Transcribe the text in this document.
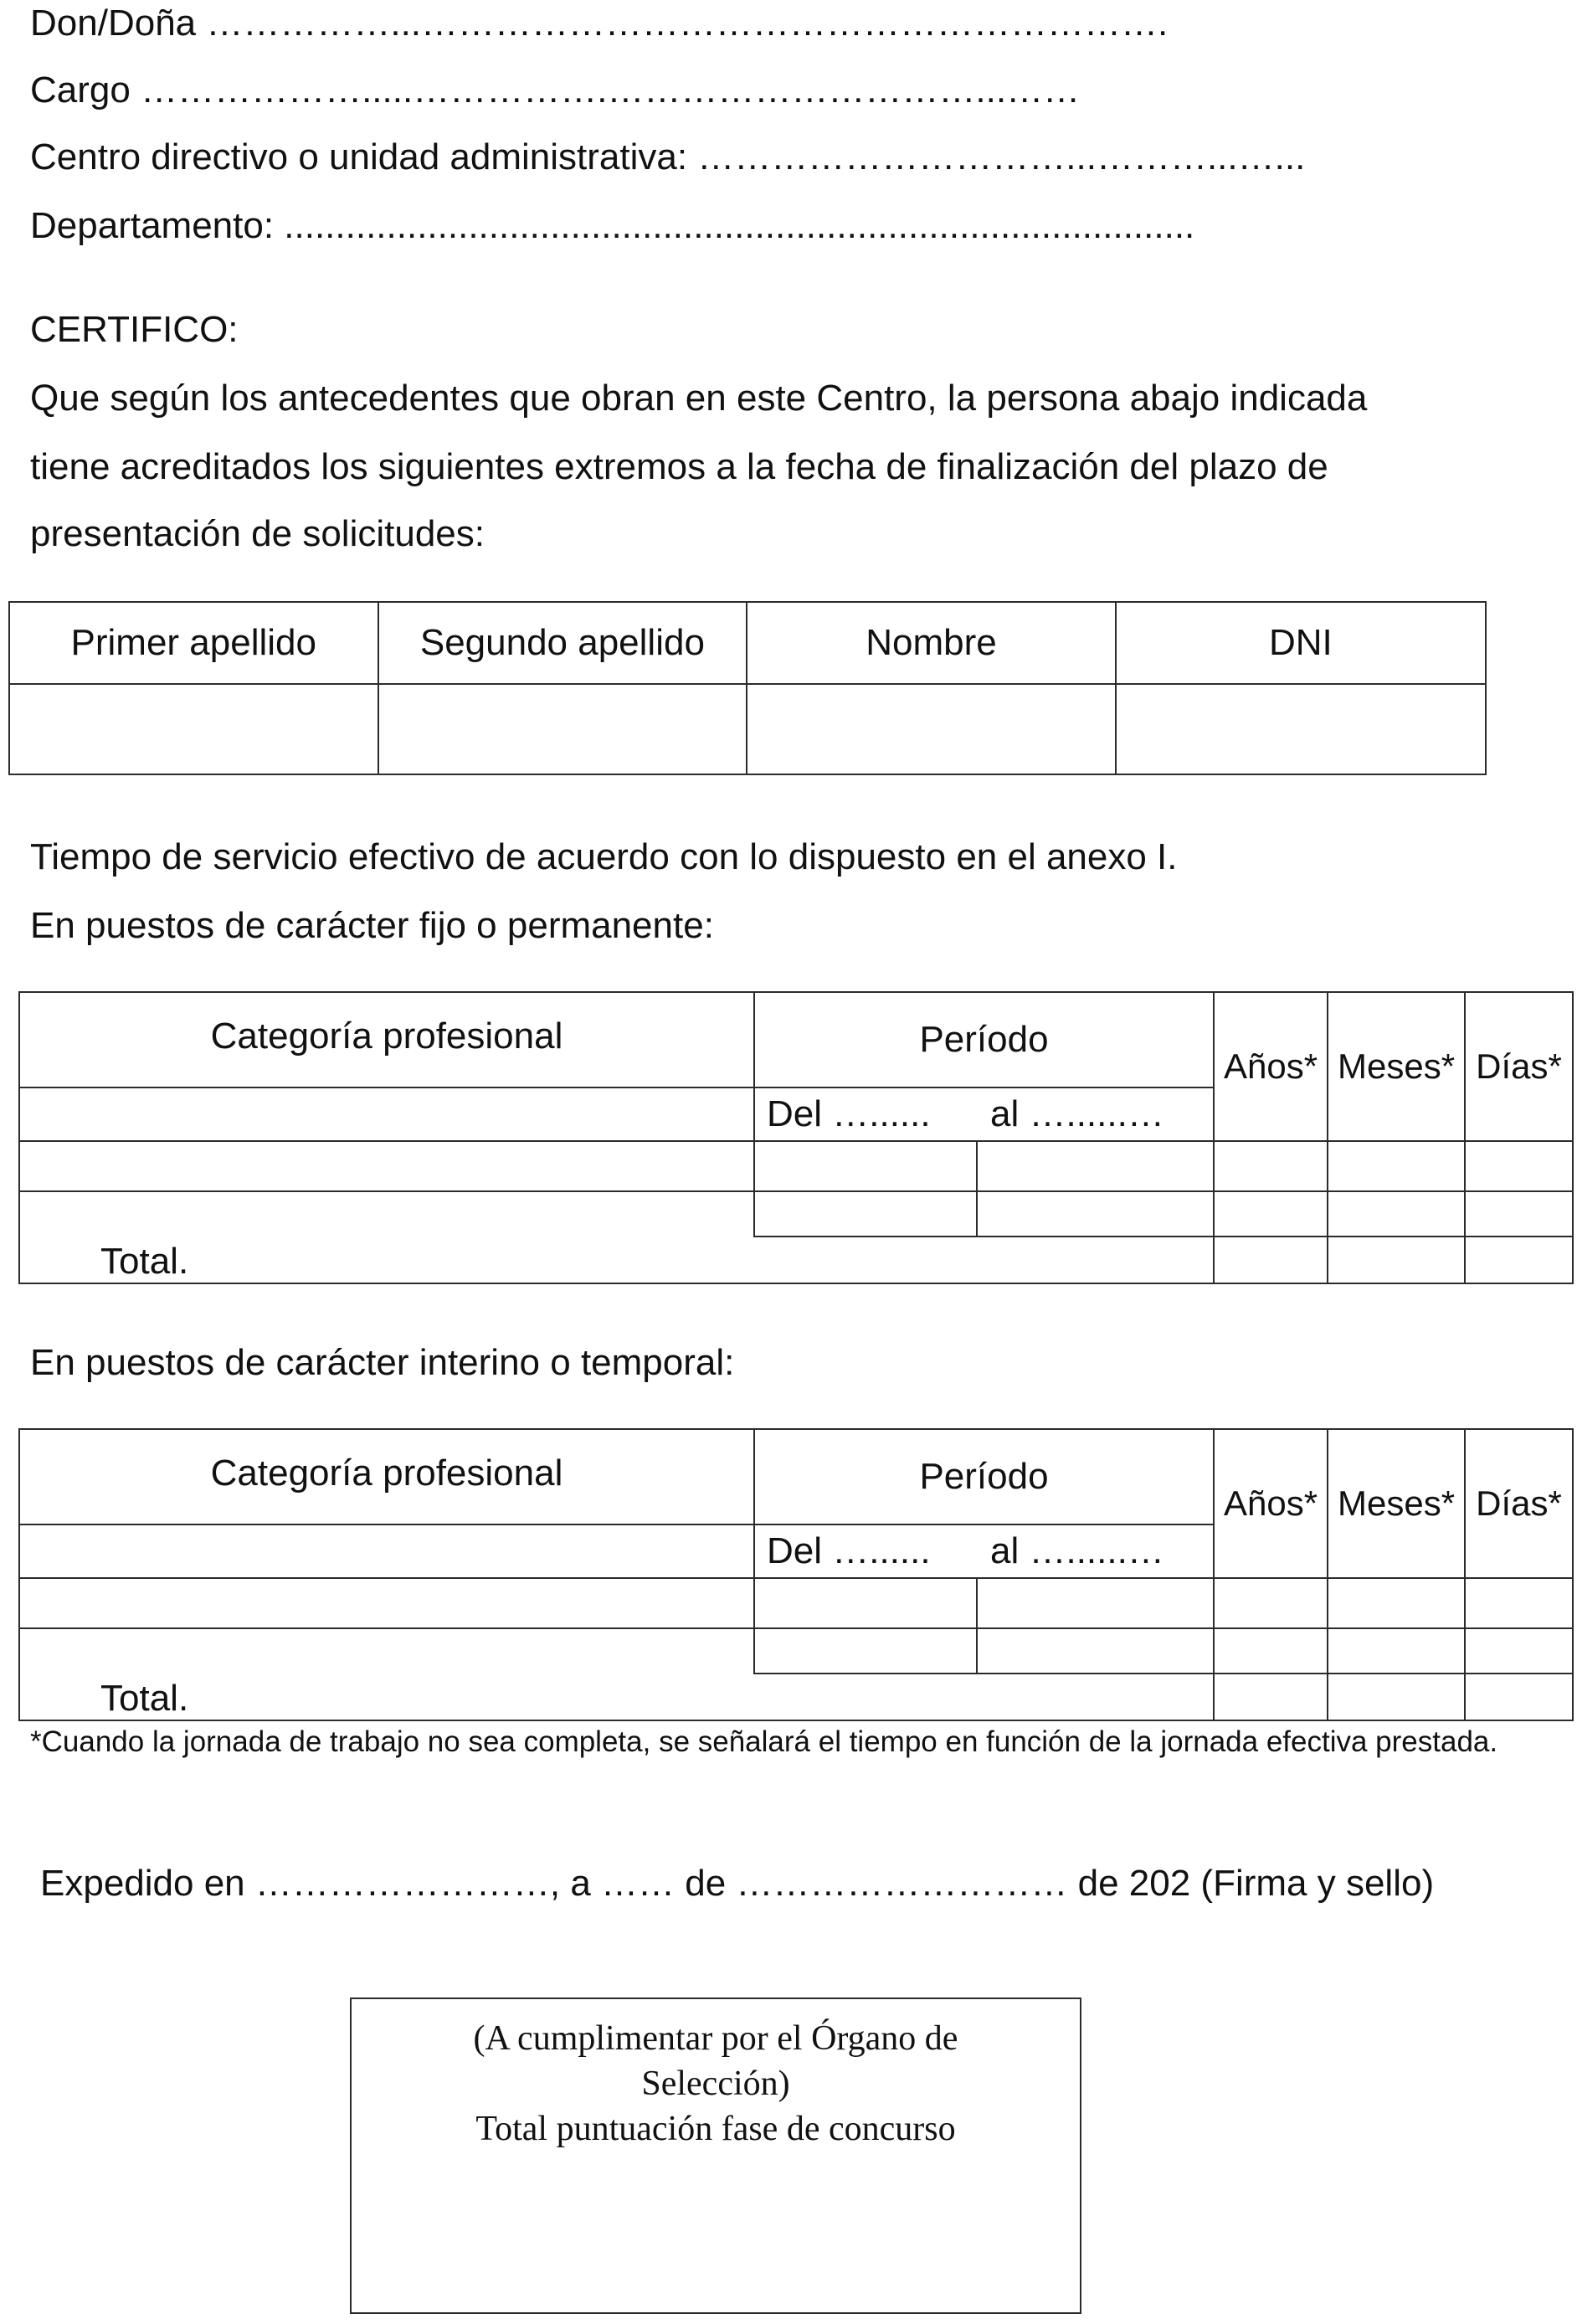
Don/Doña ……………...…………………………………………………….
Cargo ……………….....…………….…………………………...……
Centro directivo o unidad administrativa: …………………………...………...…...
Departamento: .........................................................................................
CERTIFICO:
Que según los antecedentes que obran en este Centro, la persona abajo indicada
tiene acreditados los siguientes extremos a la fecha de finalización del plazo de
presentación de solicitudes:
Primer apellido	Segundo apellido	Nombre	DNI

Tiempo de servicio efectivo de acuerdo con lo dispuesto en el anexo I.
En puestos de carácter fijo o permanente:
Categoría profesional	Período		Años*	Meses*	Días*
	Del …......	al …......…			

Total.					
En puestos de carácter interino o temporal:
Categoría profesional	Período		Años*	Meses*	Días*
	Del …......	al …......…			

Total.					
*Cuando la jornada de trabajo no sea completa, se señalará el tiempo en función de la jornada efectiva prestada.
Expedido en ……………………, a …… de ……………………… de 202 (Firma y sello)
(A cumplimentar por el Órgano de
Selección)
Total puntuación fase de concurso
